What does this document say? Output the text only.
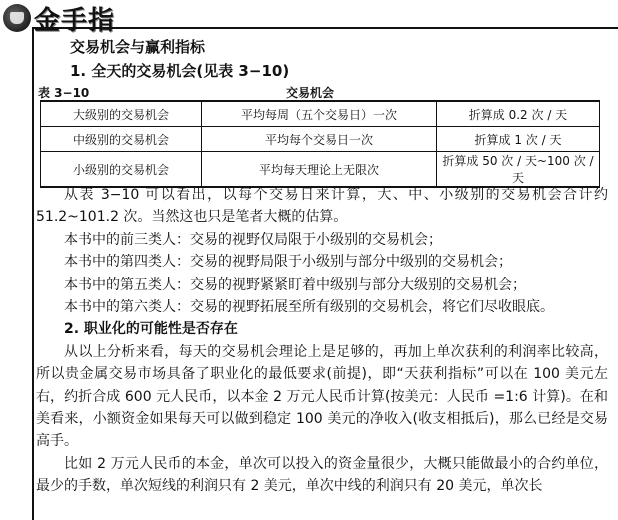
金手指
交易机会与赢利指标
1. 全天的交易机会(见表 3−10)
表 3−10	交易机会
大级别的交易机会	平均每周（五个交易日）一次	折算成 0.2 次 / 天
中级别的交易机会	平均每个交易日一次	折算成 1 次 / 天
小级别的交易机会	平均每天理论上无限次	折算成 50 次 / 天~100 次 / 天

从表 3−10 可以看出，以每个交易日来计算，大、中、小级别的交易机会合计约 51.2~101.2 次。当然这也只是笔者大概的估算。

本书中的前三类人：交易的视野仅局限于小级别的交易机会；

本书中的第四类人：交易的视野局限于小级别与部分中级别的交易机会；

本书中的第五类人：交易的视野紧紧盯着中级别与部分大级别的交易机会；

本书中的第六类人：交易的视野拓展至所有级别的交易机会，将它们尽收眼底。

2. 职业化的可能性是否存在

从以上分析来看，每天的交易机会理论上是足够的，再加上单次获利的利润率比较高，所以贵金属交易市场具备了职业化的最低要求(前提)，即“天获利指标”可以在 100 美元左右，约折合成 600 元人民币，以本金 2 万元人民币计算(按美元：人民币 =1:6 计算)。在和美看来，小额资金如果每天可以做到稳定 100 美元的净收入(收支相抵后)，那么已经是交易高手。

比如 2 万元人民币的本金，单次可以投入的资金量很少，大概只能做最小的合约单位，最少的手数，单次短线的利润只有 2 美元，单次中线的利润只有 20 美元，单次长
